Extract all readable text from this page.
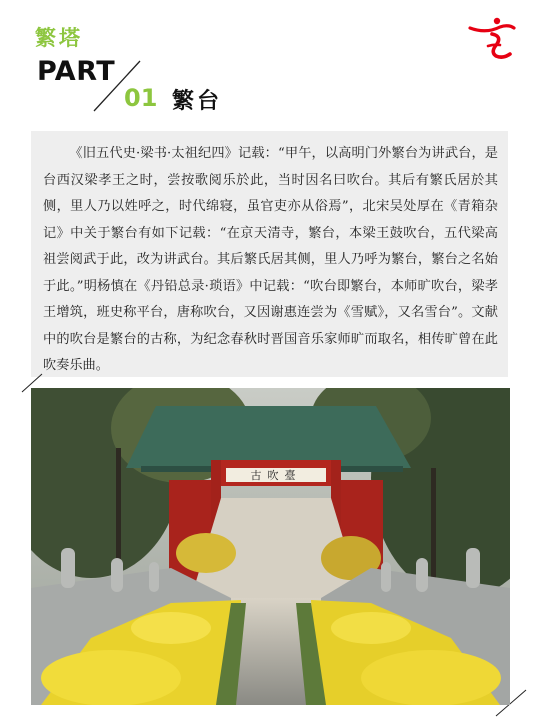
繁塔
PART
01 繁台

《旧五代史·梁书·太祖纪四》记载：“甲午，以高明门外繁台为讲武台，是台西汉梁孝王之时，尝按歌阅乐於此，当时因名曰吹台。其后有繁氏居於其侧，里人乃以姓呼之，时代绵寝，虽官吏亦从俗焉”，北宋吴处厚在《青箱杂记》中关于繁台有如下记载：“在京天清寺，繁台，本梁王鼓吹台，五代梁高祖尝阅武于此，改为讲武台。其后繁氏居其侧，里人乃呼为繁台，繁台之名始于此。”明杨慎在《丹铅总录·琐语》中记载：“吹台即繁台，本师旷吹台，梁孝王增筑，班史称平台，唐称吹台，又因谢惠连尝为《雪赋》，又名雪台”。文献中的吹台是繁台的古称，为纪念春秋时晋国音乐家师旷而取名，相传旷曾在此吹奏乐曲。

古吹臺
